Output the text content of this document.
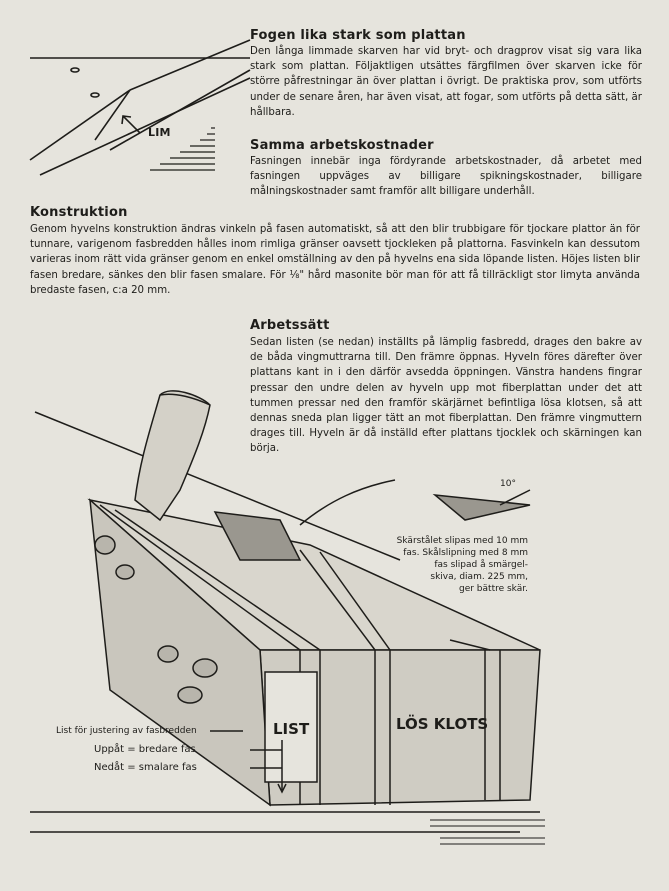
LIM

Fogen lika stark som plattan

Den långa limmade skarven har vid bryt- och dragprov visat sig vara lika stark som plattan. Följaktligen utsättes färgfilmen över skarven icke för större påfrestningar än över plattan i övrigt. De praktiska prov, som utförts under de senare åren, har även visat, att fogar, som utförts på detta sätt, är hållbara.

Samma arbetskostnader

Fasningen innebär inga fördyrande arbetskostnader, då arbetet med fasningen uppväges av billigare spikningskostnader, billigare målningskostnader samt framför allt billigare underhåll.

Konstruktion

Genom hyvelns konstruktion ändras vinkeln på fasen automatiskt, så att den blir trubbigare för tjockare plattor än för tunnare, varigenom fasbredden hålles inom rimliga gränser oavsett tjockleken på plattorna. Fasvinkeln kan dessutom varieras inom rätt vida gränser genom en enkel omställning av den på hyvelns ena sida löpande listen. Höjes listen blir fasen bredare, sänkes den blir fasen smalare. För ⅛" hård masonite bör man för att få tillräckligt stor limyta använda bredaste fasen, c:a 20 mm.

Arbetssätt

Sedan listen (se nedan) inställts på lämplig fasbredd, drages den bakre av de båda vingmuttrarna till. Den främre öppnas. Hyveln föres därefter över plattans kant in i den därför avsedda öppningen. Vänstra handens fingrar pressar den undre delen av hyveln upp mot fiberplattan under det att tummen pressar ned den framför skärjärnet befintliga lösa klotsen, så att dennas sneda plan ligger tätt an mot fiberplattan. Den främre vingmuttern drages till. Hyveln är då inställd efter plattans tjocklek och skärningen kan börja.

10°

Skärstålet slipas med 10 mm

fas. Skålslipning med 8 mm

fas slipad å smärgel-

skiva, diam. 225 mm,

ger bättre skär.

LIST	LÖS KLOTS

List för justering av fasbredden

Uppåt = bredare fas

Nedåt = smalare fas
